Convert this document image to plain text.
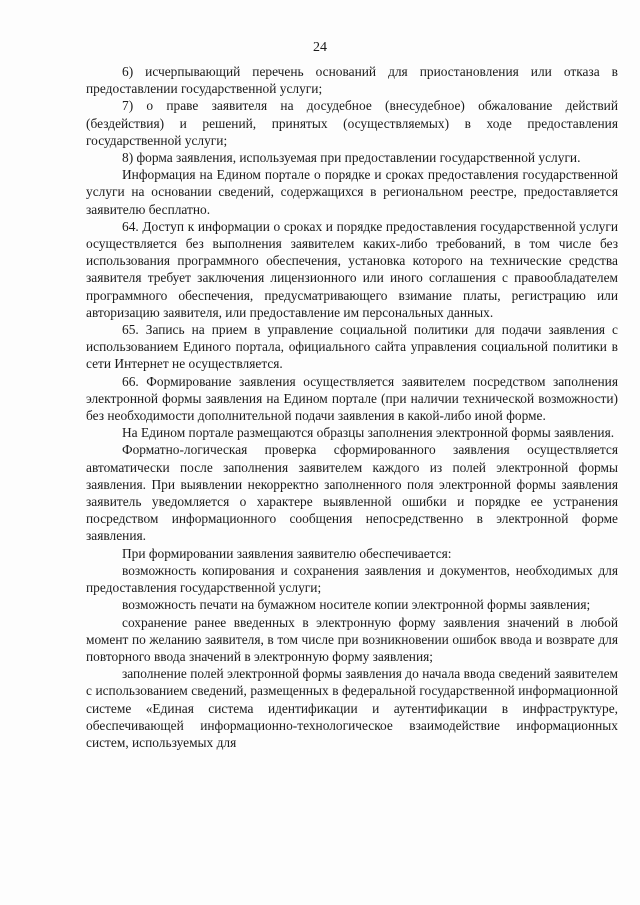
24

6) исчерпывающий перечень оснований для приостановления или отказа в предоставлении государственной услуги;

7) о праве заявителя на досудебное (внесудебное) обжалование действий (бездействия) и решений, принятых (осуществляемых) в ходе предоставления государственной услуги;

8) форма заявления, используемая при предоставлении государственной услуги.

Информация на Едином портале о порядке и сроках предоставления государственной услуги на основании сведений, содержащихся в региональном реестре, предоставляется заявителю бесплатно.

64. Доступ к информации о сроках и порядке предоставления государственной услуги осуществляется без выполнения заявителем каких-либо требований, в том числе без использования программного обеспечения, установка которого на технические средства заявителя требует заключения лицензионного или иного соглашения с правообладателем программного обеспечения, предусматривающего взимание платы, регистрацию или авторизацию заявителя, или предоставление им персональных данных.

65. Запись на прием в управление социальной политики для подачи заявления с использованием Единого портала, официального сайта управления социальной политики в сети Интернет не осуществляется.

66. Формирование заявления осуществляется заявителем посредством заполнения электронной формы заявления на Едином портале (при наличии технической возможности) без необходимости дополнительной подачи заявления в какой-либо иной форме.

На Едином портале размещаются образцы заполнения электронной формы заявления.

Форматно-логическая проверка сформированного заявления осуществляется автоматически после заполнения заявителем каждого из полей электронной формы заявления. При выявлении некорректно заполненного поля электронной формы заявления заявитель уведомляется о характере выявленной ошибки и порядке ее устранения посредством информационного сообщения непосредственно в электронной форме заявления.

При формировании заявления заявителю обеспечивается:

возможность копирования и сохранения заявления и документов, необходимых для предоставления государственной услуги;

возможность печати на бумажном носителе копии электронной формы заявления;

сохранение ранее введенных в электронную форму заявления значений в любой момент по желанию заявителя, в том числе при возникновении ошибок ввода и возврате для повторного ввода значений в электронную форму заявления;

заполнение полей электронной формы заявления до начала ввода сведений заявителем с использованием сведений, размещенных в федеральной государственной информационной системе «Единая система идентификации и аутентификации в инфраструктуре, обеспечивающей информационно-технологическое взаимодействие информационных систем, используемых для
